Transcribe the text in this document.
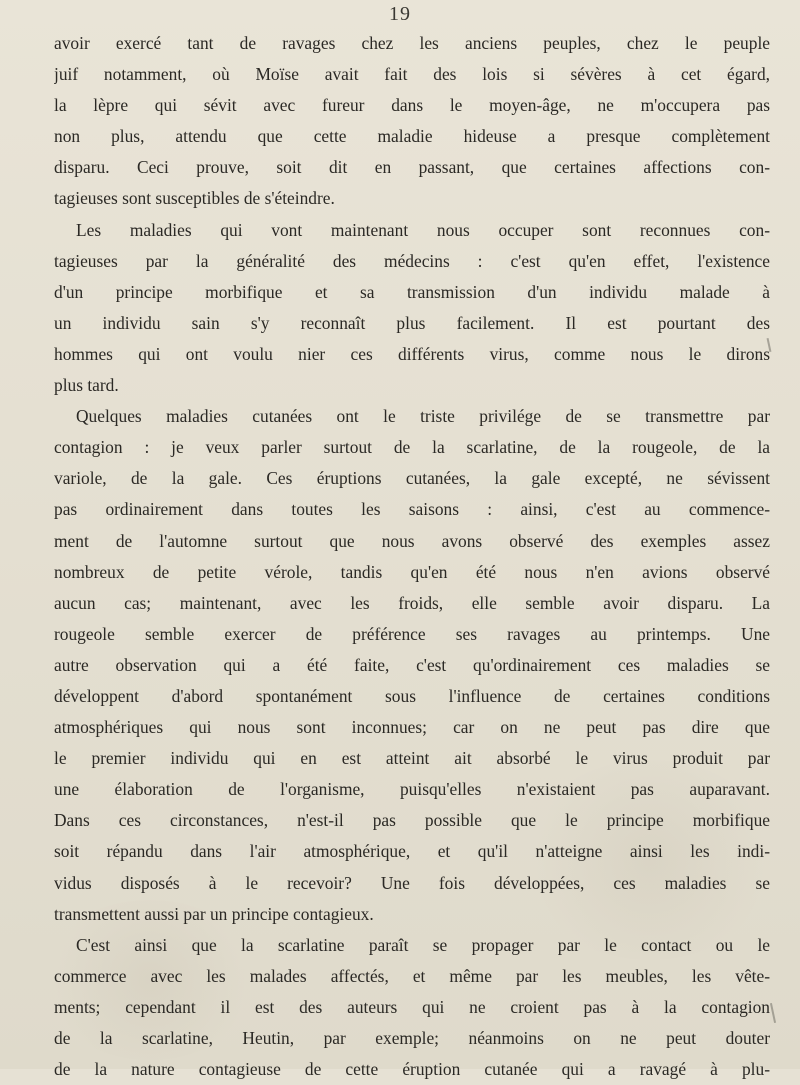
19
avoir exercé tant de ravages chez les anciens peuples, chez le peuple
juif notamment, où Moïse avait fait des lois si sévères à cet égard,
la lèpre qui sévit avec fureur dans le moyen-âge, ne m'occupera pas
non plus, attendu que cette maladie hideuse a presque complètement
disparu. Ceci prouve, soit dit en passant, que certaines affections con-
tagieuses sont susceptibles de s'éteindre.
Les maladies qui vont maintenant nous occuper sont reconnues con-
tagieuses par la généralité des médecins : c'est qu'en effet, l'existence
d'un principe morbifique et sa transmission d'un individu malade à
un individu sain s'y reconnaît plus facilement. Il est pourtant des
hommes qui ont voulu nier ces différents virus, comme nous le dirons
plus tard.
Quelques maladies cutanées ont le triste privilége de se transmettre par
contagion : je veux parler surtout de la scarlatine, de la rougeole, de la
variole, de la gale. Ces éruptions cutanées, la gale excepté, ne sévissent
pas ordinairement dans toutes les saisons : ainsi, c'est au commence-
ment de l'automne surtout que nous avons observé des exemples assez
nombreux de petite vérole, tandis qu'en été nous n'en avions observé
aucun cas; maintenant, avec les froids, elle semble avoir disparu. La
rougeole semble exercer de préférence ses ravages au printemps. Une
autre observation qui a été faite, c'est qu'ordinairement ces maladies se
développent d'abord spontanément sous l'influence de certaines conditions
atmosphériques qui nous sont inconnues; car on ne peut pas dire que
le premier individu qui en est atteint ait absorbé le virus produit par
une élaboration de l'organisme, puisqu'elles n'existaient pas auparavant.
Dans ces circonstances, n'est-il pas possible que le principe morbifique
soit répandu dans l'air atmosphérique, et qu'il n'atteigne ainsi les indi-
vidus disposés à le recevoir? Une fois développées, ces maladies se
transmettent aussi par un principe contagieux.
C'est ainsi que la scarlatine paraît se propager par le contact ou le
commerce avec les malades affectés, et même par les meubles, les vête-
ments; cependant il est des auteurs qui ne croient pas à la contagion
de la scarlatine, Heutin, par exemple; néanmoins on ne peut douter
de la nature contagieuse de cette éruption cutanée qui a ravagé à plu-
